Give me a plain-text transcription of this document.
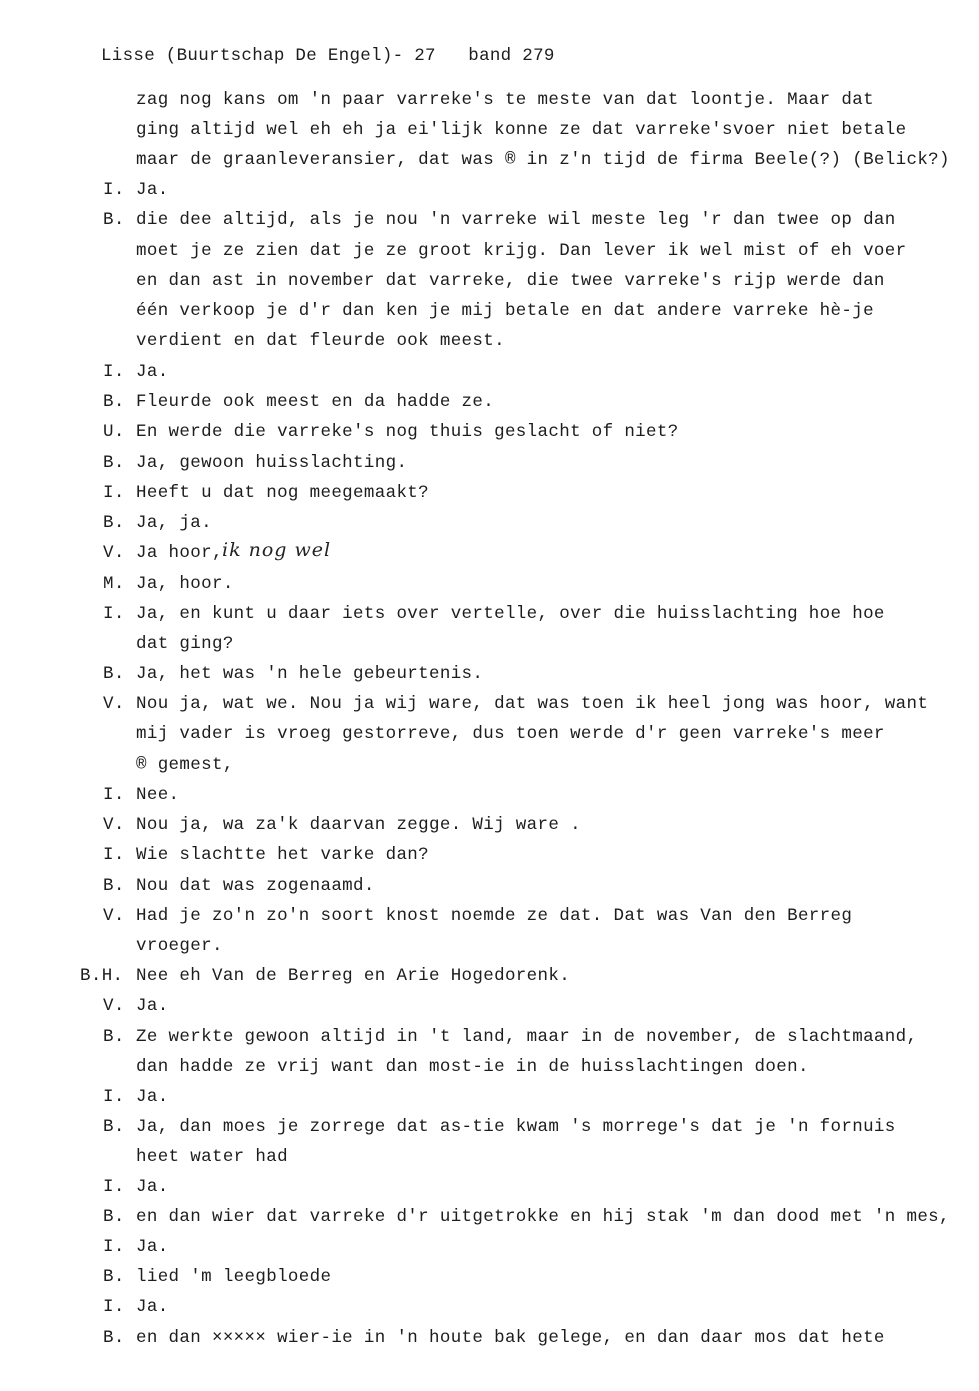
Lisse (Buurtschap De Engel)- 27 band 279
zag nog kans om 'n paar varreke's te meste van dat loontje. Maar dat
ging altijd wel eh eh ja ei'lijk konne ze dat varreke'svoer niet betale
maar de graanleveransier, dat was ® in z'n tijd de firma Beele(?) (Belick?)
I. Ja.
B. die dee altijd, als je nou 'n varreke wil meste leg 'r dan twee op dan
moet je ze zien dat je ze groot krijg. Dan lever ik wel mist of eh voer
en dan ast in november dat varreke, die twee varreke's rijp werde dan
één verkoop je d'r dan ken je mij betale en dat andere varreke hè-je
verdient en dat fleurde ook meest.
I. Ja.
B. Fleurde ook meest en da hadde ze.
U. En werde die varreke's nog thuis geslacht of niet?
B. Ja, gewoon huisslachting.
I. Heeft u dat nog meegemaakt?
B. Ja, ja.
V. Ja hoor, ik nog wel
M. Ja, hoor.
I. Ja, en kunt u daar iets over vertelle, over die huisslachting hoe hoe
dat ging?
B. Ja, het was 'n hele gebeurtenis.
V. Nou ja, wat we. Nou ja wij ware, dat was toen ik heel jong was hoor, want
mij vader is vroeg gestorreve, dus toen werde d'r geen varreke's meer
® gemest,
I. Nee.
V. Nou ja, wa za'k daarvan zegge. Wij ware .
I. Wie slachtte het varke dan?
B. Nou dat was zogenaamd.
V. Had je zo'n zo'n soort knost noemde ze dat. Dat was Van den Berreg
vroeger.
B.H. Nee eh Van de Berreg en Arie Hogedorenk.
V. Ja.
B. Ze werkte gewoon altijd in 't land, maar in de november, de slachtmaand,
dan hadde ze vrij want dan most-ie in de huisslachtingen doen.
I. Ja.
B. Ja, dan moes je zorrege dat as-tie kwam 's morrege's dat je 'n fornuis
heet water had
I. Ja.
B. en dan wier dat varreke d'r uitgetrokke en hij stak 'm dan dood met 'n mes,
I. Ja.
B. lied 'm leegbloede
I. Ja.
B. en dan ××××× wier-ie in 'n houte bak gelege, en dan daar mos dat hete
